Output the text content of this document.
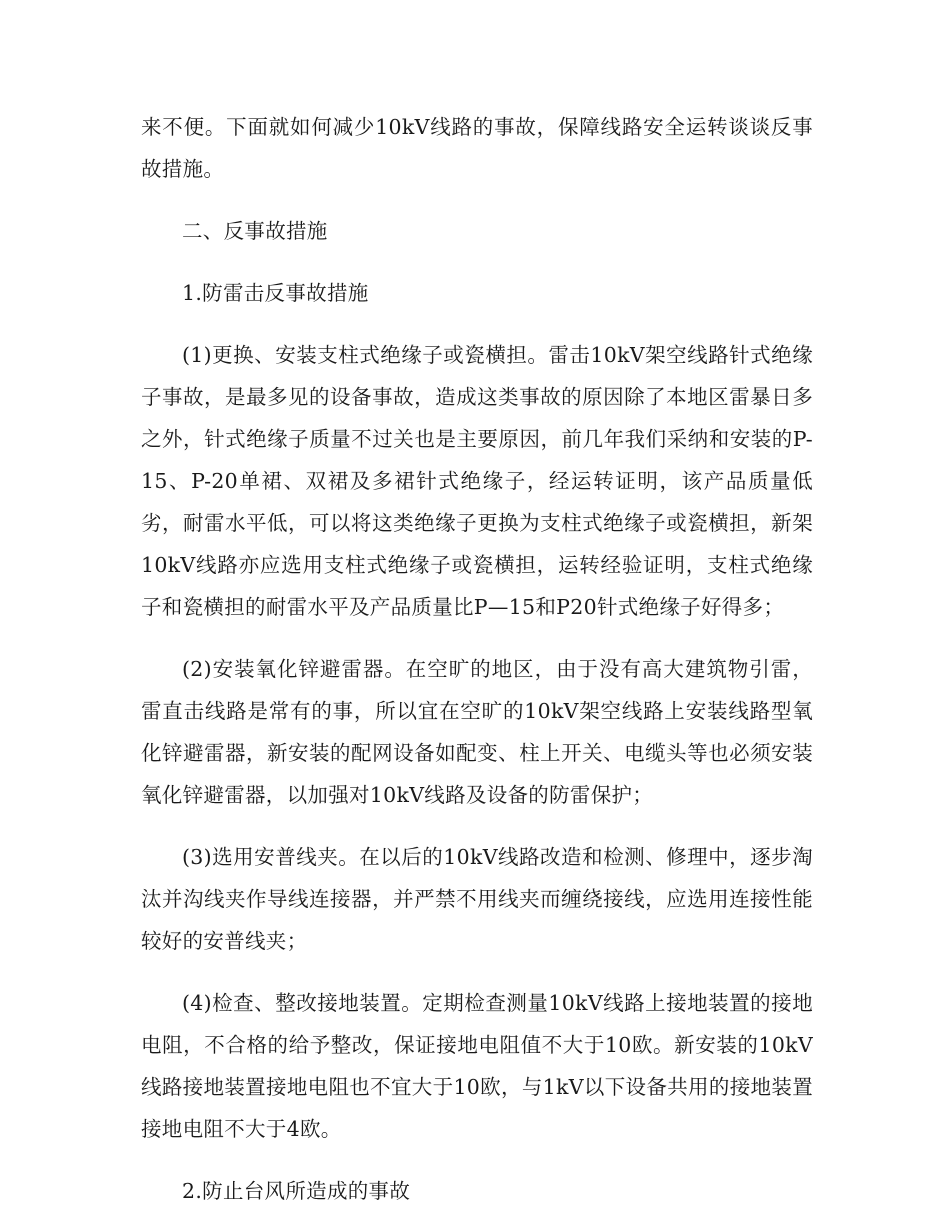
来不便。下面就如何减少10kV线路的事故，保障线路安全运转谈谈反事故措施。

二、反事故措施

1.防雷击反事故措施

(1)更换、安装支柱式绝缘子或瓷横担。雷击10kV架空线路针式绝缘子事故，是最多见的设备事故，造成这类事故的原因除了本地区雷暴日多之外，针式绝缘子质量不过关也是主要原因，前几年我们采纳和安装的P-15、P-20单裙、双裙及多裙针式绝缘子，经运转证明，该产品质量低劣，耐雷水平低，可以将这类绝缘子更换为支柱式绝缘子或瓷横担，新架10kV线路亦应选用支柱式绝缘子或瓷横担，运转经验证明，支柱式绝缘子和瓷横担的耐雷水平及产品质量比P—15和P20针式绝缘子好得多；

(2)安装氧化锌避雷器。在空旷的地区，由于没有高大建筑物引雷，雷直击线路是常有的事，所以宜在空旷的10kV架空线路上安装线路型氧化锌避雷器，新安装的配网设备如配变、柱上开关、电缆头等也必须安装氧化锌避雷器，以加强对10kV线路及设备的防雷保护；

(3)选用安普线夹。在以后的10kV线路改造和检测、修理中，逐步淘汰并沟线夹作导线连接器，并严禁不用线夹而缠绕接线，应选用连接性能较好的安普线夹；

(4)检查、整改接地装置。定期检查测量10kV线路上接地装置的接地电阻，不合格的给予整改，保证接地电阻值不大于10欧。新安装的10kV线路接地装置接地电阻也不宜大于10欧，与1kV以下设备共用的接地装置接地电阻不大于4欧。

2.防止台风所造成的事故
